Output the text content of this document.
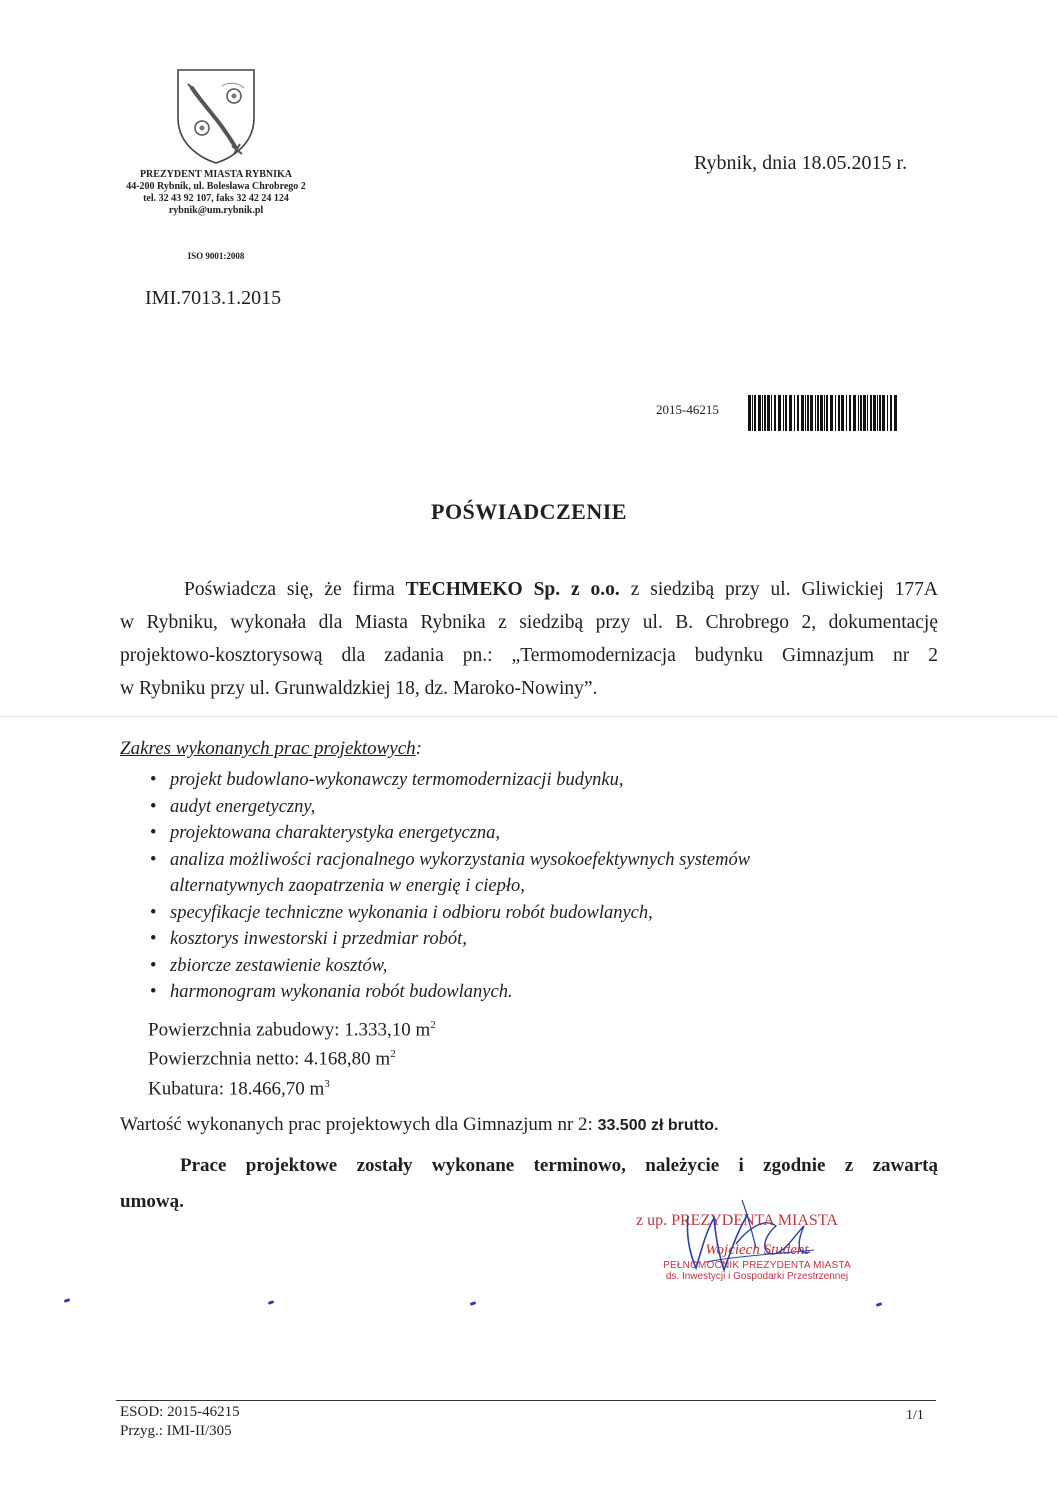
PREZYDENT MIASTA RYBNIKA
44-200 Rybnik, ul. Bolesława Chrobrego 2
tel. 32 43 92 107, faks 32 42 24 124
rybnik@um.rybnik.pl
ISO 9001:2008
IMI.7013.1.2015
Rybnik, dnia 18.05.2015 r.
2015-46215
POŚWIADCZENIE
Poświadcza się, że firma TECHMEKO Sp. z o.o. z siedzibą przy ul. Gliwickiej 177A
w Rybniku, wykonała dla Miasta Rybnika z siedzibą przy ul. B. Chrobrego 2, dokumentację
projektowo-kosztorysową dla zadania pn.: „Termomodernizacja budynku Gimnazjum nr 2
w Rybniku przy ul. Grunwaldzkiej 18, dz. Maroko-Nowiny”.
Zakres wykonanych prac projektowych:
• projekt budowlano-wykonawczy termomodernizacji budynku,
• audyt energetyczny,
• projektowana charakterystyka energetyczna,
• analiza możliwości racjonalnego wykorzystania wysokoefektywnych systemów
alternatywnych zaopatrzenia w energię i ciepło,
• specyfikacje techniczne wykonania i odbioru robót budowlanych,
• kosztorys inwestorski i przedmiar robót,
• zbiorcze zestawienie kosztów,
• harmonogram wykonania robót budowlanych.
Powierzchnia zabudowy: 1.333,10 $m^2$
Powierzchnia netto: 4.168,80 $m^2$
Kubatura: 18.466,70 $m^3$
Wartość wykonanych prac projektowych dla Gimnazjum nr 2: 33.500 zł brutto.
Prace projektowe zostały wykonane terminowo, należycie i zgodnie z zawartą
umową.
z up. PREZYDENTA MIASTA
Wojciech Student
PEŁNOMOCNIK PREZYDENTA MIASTA
ds. Inwestycji i Gospodarki Przestrzennej
ESOD: 2015-46215
Przyg.: IMI-II/305
1/1
